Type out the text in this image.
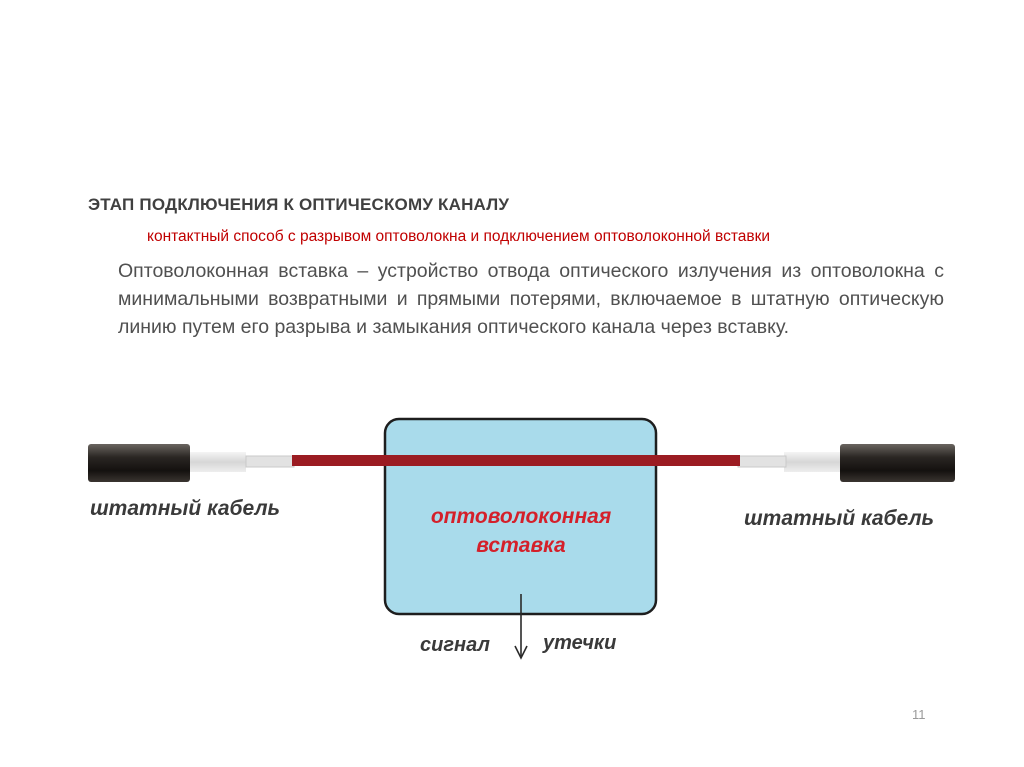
ЭТАП ПОДКЛЮЧЕНИЯ К ОПТИЧЕСКОМУ КАНАЛУ
контактный способ с разрывом оптоволокна и подключением оптоволоконной вставки
Оптоволоконная вставка – устройство отвода оптического излучения из оптоволокна с минимальными возвратными и прямыми потерями, включаемое в штатную оптическую линию путем его разрыва и замыкания оптического канала через вставку.
штатный кабель	штатный кабель
оптоволоконная
вставка
сигнал	утечки
11
